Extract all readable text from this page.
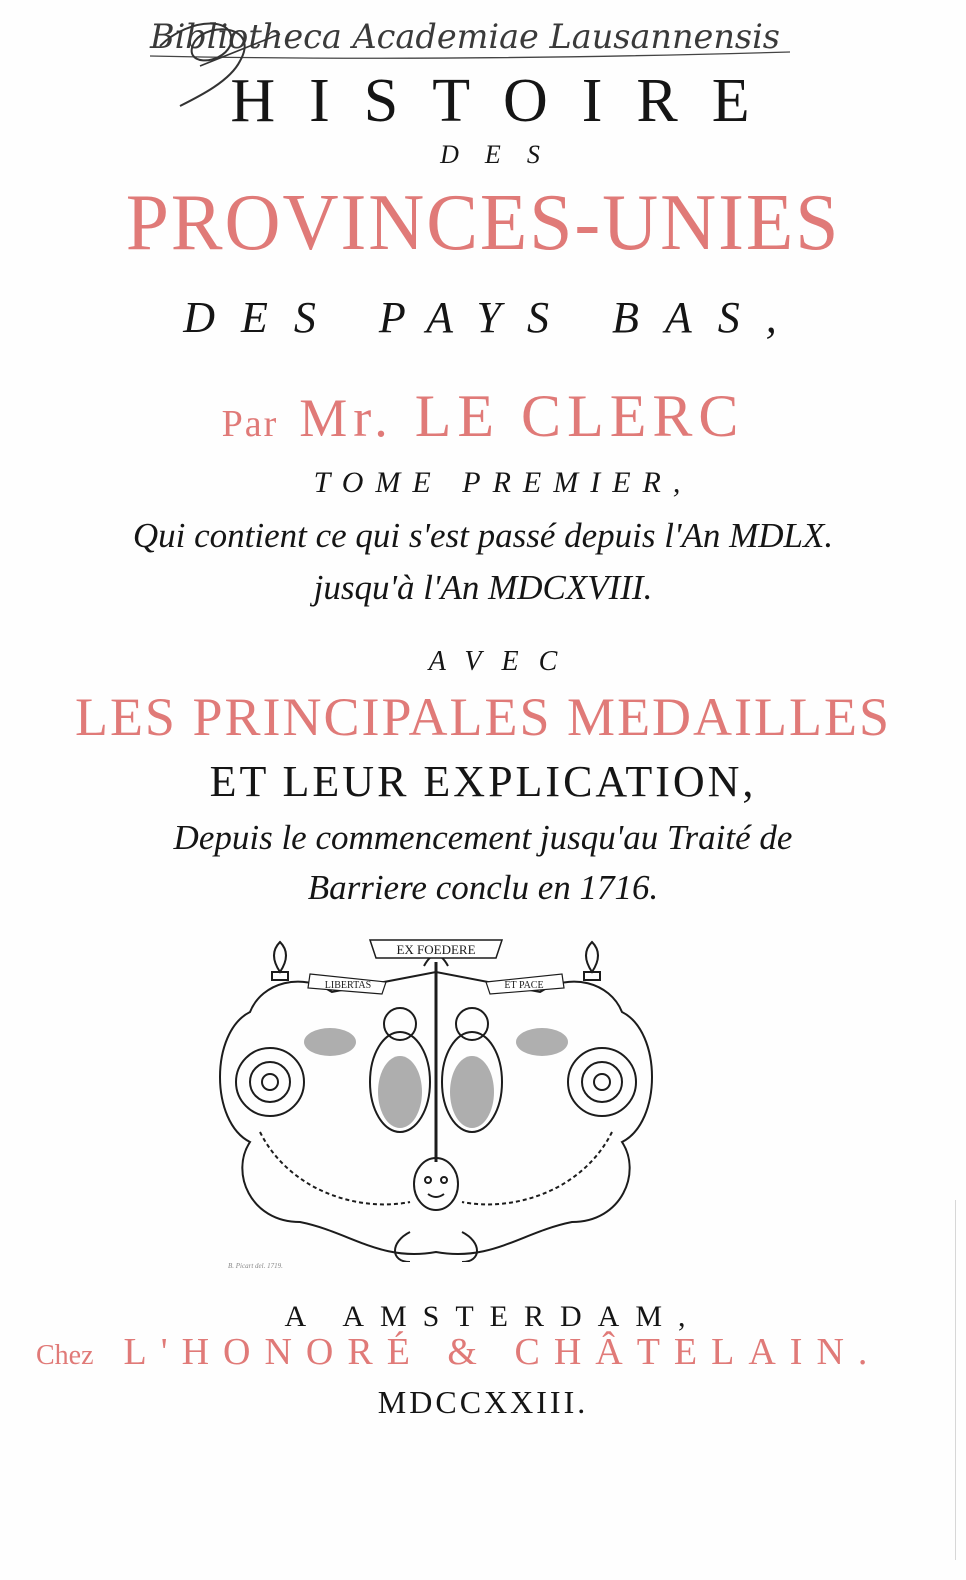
Bibliotheca Academiae Lausannensis
HISTOIRE
DES
PROVINCES-UNIES
DES PAYS BAS,
Par Mr. LE CLERC
TOME PREMIER,
Qui contient ce qui s'est passé depuis l'An MDLX.
jusqu'à l'An MDCXVIII.
AVEC
LES PRINCIPALES MEDAILLES
ET LEUR EXPLICATION,
Depuis le commencement jusqu'au Traité de
Barriere conclu en 1716.
EX FOEDERE
LIBERTAS	ET PACE
B. Picart del. 1719.
A AMSTERDAM,
Chez L'HONORÉ & CHÂTELAIN.
MDCCXXIII.
